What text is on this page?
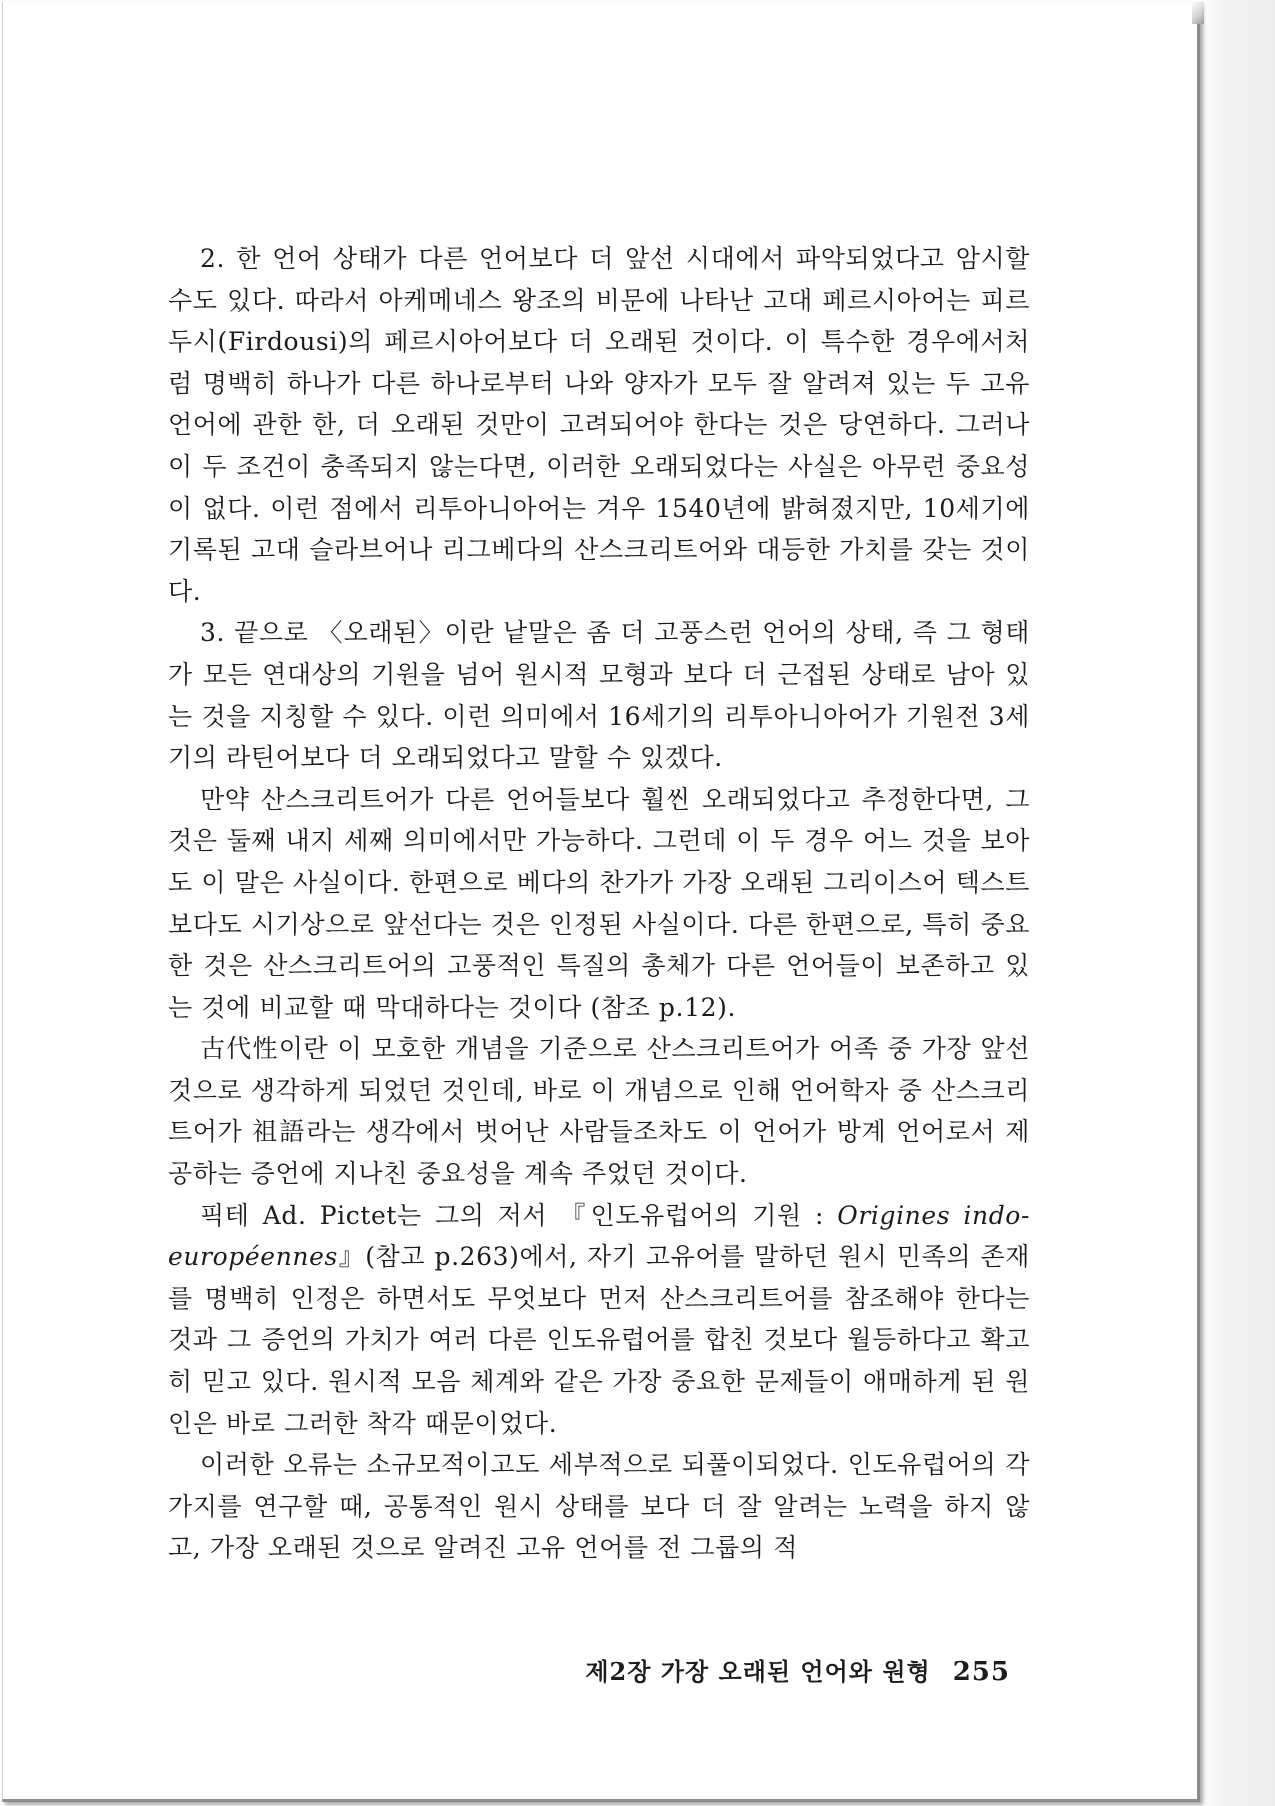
2. 한 언어 상태가 다른 언어보다 더 앞선 시대에서 파악되었다고 암시할 수도 있다. 따라서 아케메네스 왕조의 비문에 나타난 고대 페르시아어는 피르두시(Firdousi)의 페르시아어보다 더 오래된 것이다. 이 특수한 경우에서처럼 명백히 하나가 다른 하나로부터 나와 양자가 모두 잘 알려져 있는 두 고유 언어에 관한 한, 더 오래된 것만이 고려되어야 한다는 것은 당연하다. 그러나 이 두 조건이 충족되지 않는다면, 이러한 오래되었다는 사실은 아무런 중요성이 없다. 이런 점에서 리투아니아어는 겨우 1540년에 밝혀졌지만, 10세기에 기록된 고대 슬라브어나 리그베다의 산스크리트어와 대등한 가치를 갖는 것이다.

3. 끝으로 〈오래된〉이란 낱말은 좀 더 고풍스런 언어의 상태, 즉 그 형태가 모든 연대상의 기원을 넘어 원시적 모형과 보다 더 근접된 상태로 남아 있는 것을 지칭할 수 있다. 이런 의미에서 16세기의 리투아니아어가 기원전 3세기의 라틴어보다 더 오래되었다고 말할 수 있겠다.

만약 산스크리트어가 다른 언어들보다 훨씬 오래되었다고 추정한다면, 그것은 둘째 내지 세째 의미에서만 가능하다. 그런데 이 두 경우 어느 것을 보아도 이 말은 사실이다. 한편으로 베다의 찬가가 가장 오래된 그리이스어 텍스트보다도 시기상으로 앞선다는 것은 인정된 사실이다. 다른 한편으로, 특히 중요한 것은 산스크리트어의 고풍적인 특질의 총체가 다른 언어들이 보존하고 있는 것에 비교할 때 막대하다는 것이다 (참조 p.12).

古代性이란 이 모호한 개념을 기준으로 산스크리트어가 어족 중 가장 앞선 것으로 생각하게 되었던 것인데, 바로 이 개념으로 인해 언어학자 중 산스크리트어가 祖語라는 생각에서 벗어난 사람들조차도 이 언어가 방계 언어로서 제공하는 증언에 지나친 중요성을 계속 주었던 것이다.

픽테 Ad. Pictet는 그의 저서 『인도유럽어의 기원 : Origines indo-européennes』(참고 p.263)에서, 자기 고유어를 말하던 원시 민족의 존재를 명백히 인정은 하면서도 무엇보다 먼저 산스크리트어를 참조해야 한다는 것과 그 증언의 가치가 여러 다른 인도유럽어를 합친 것보다 월등하다고 확고히 믿고 있다. 원시적 모음 체계와 같은 가장 중요한 문제들이 애매하게 된 원인은 바로 그러한 착각 때문이었다.

이러한 오류는 소규모적이고도 세부적으로 되풀이되었다. 인도유럽어의 각 가지를 연구할 때, 공통적인 원시 상태를 보다 더 잘 알려는 노력을 하지 않고, 가장 오래된 것으로 알려진 고유 언어를 전 그룹의 적

제2장 가장 오래된 언어와 원형 255
